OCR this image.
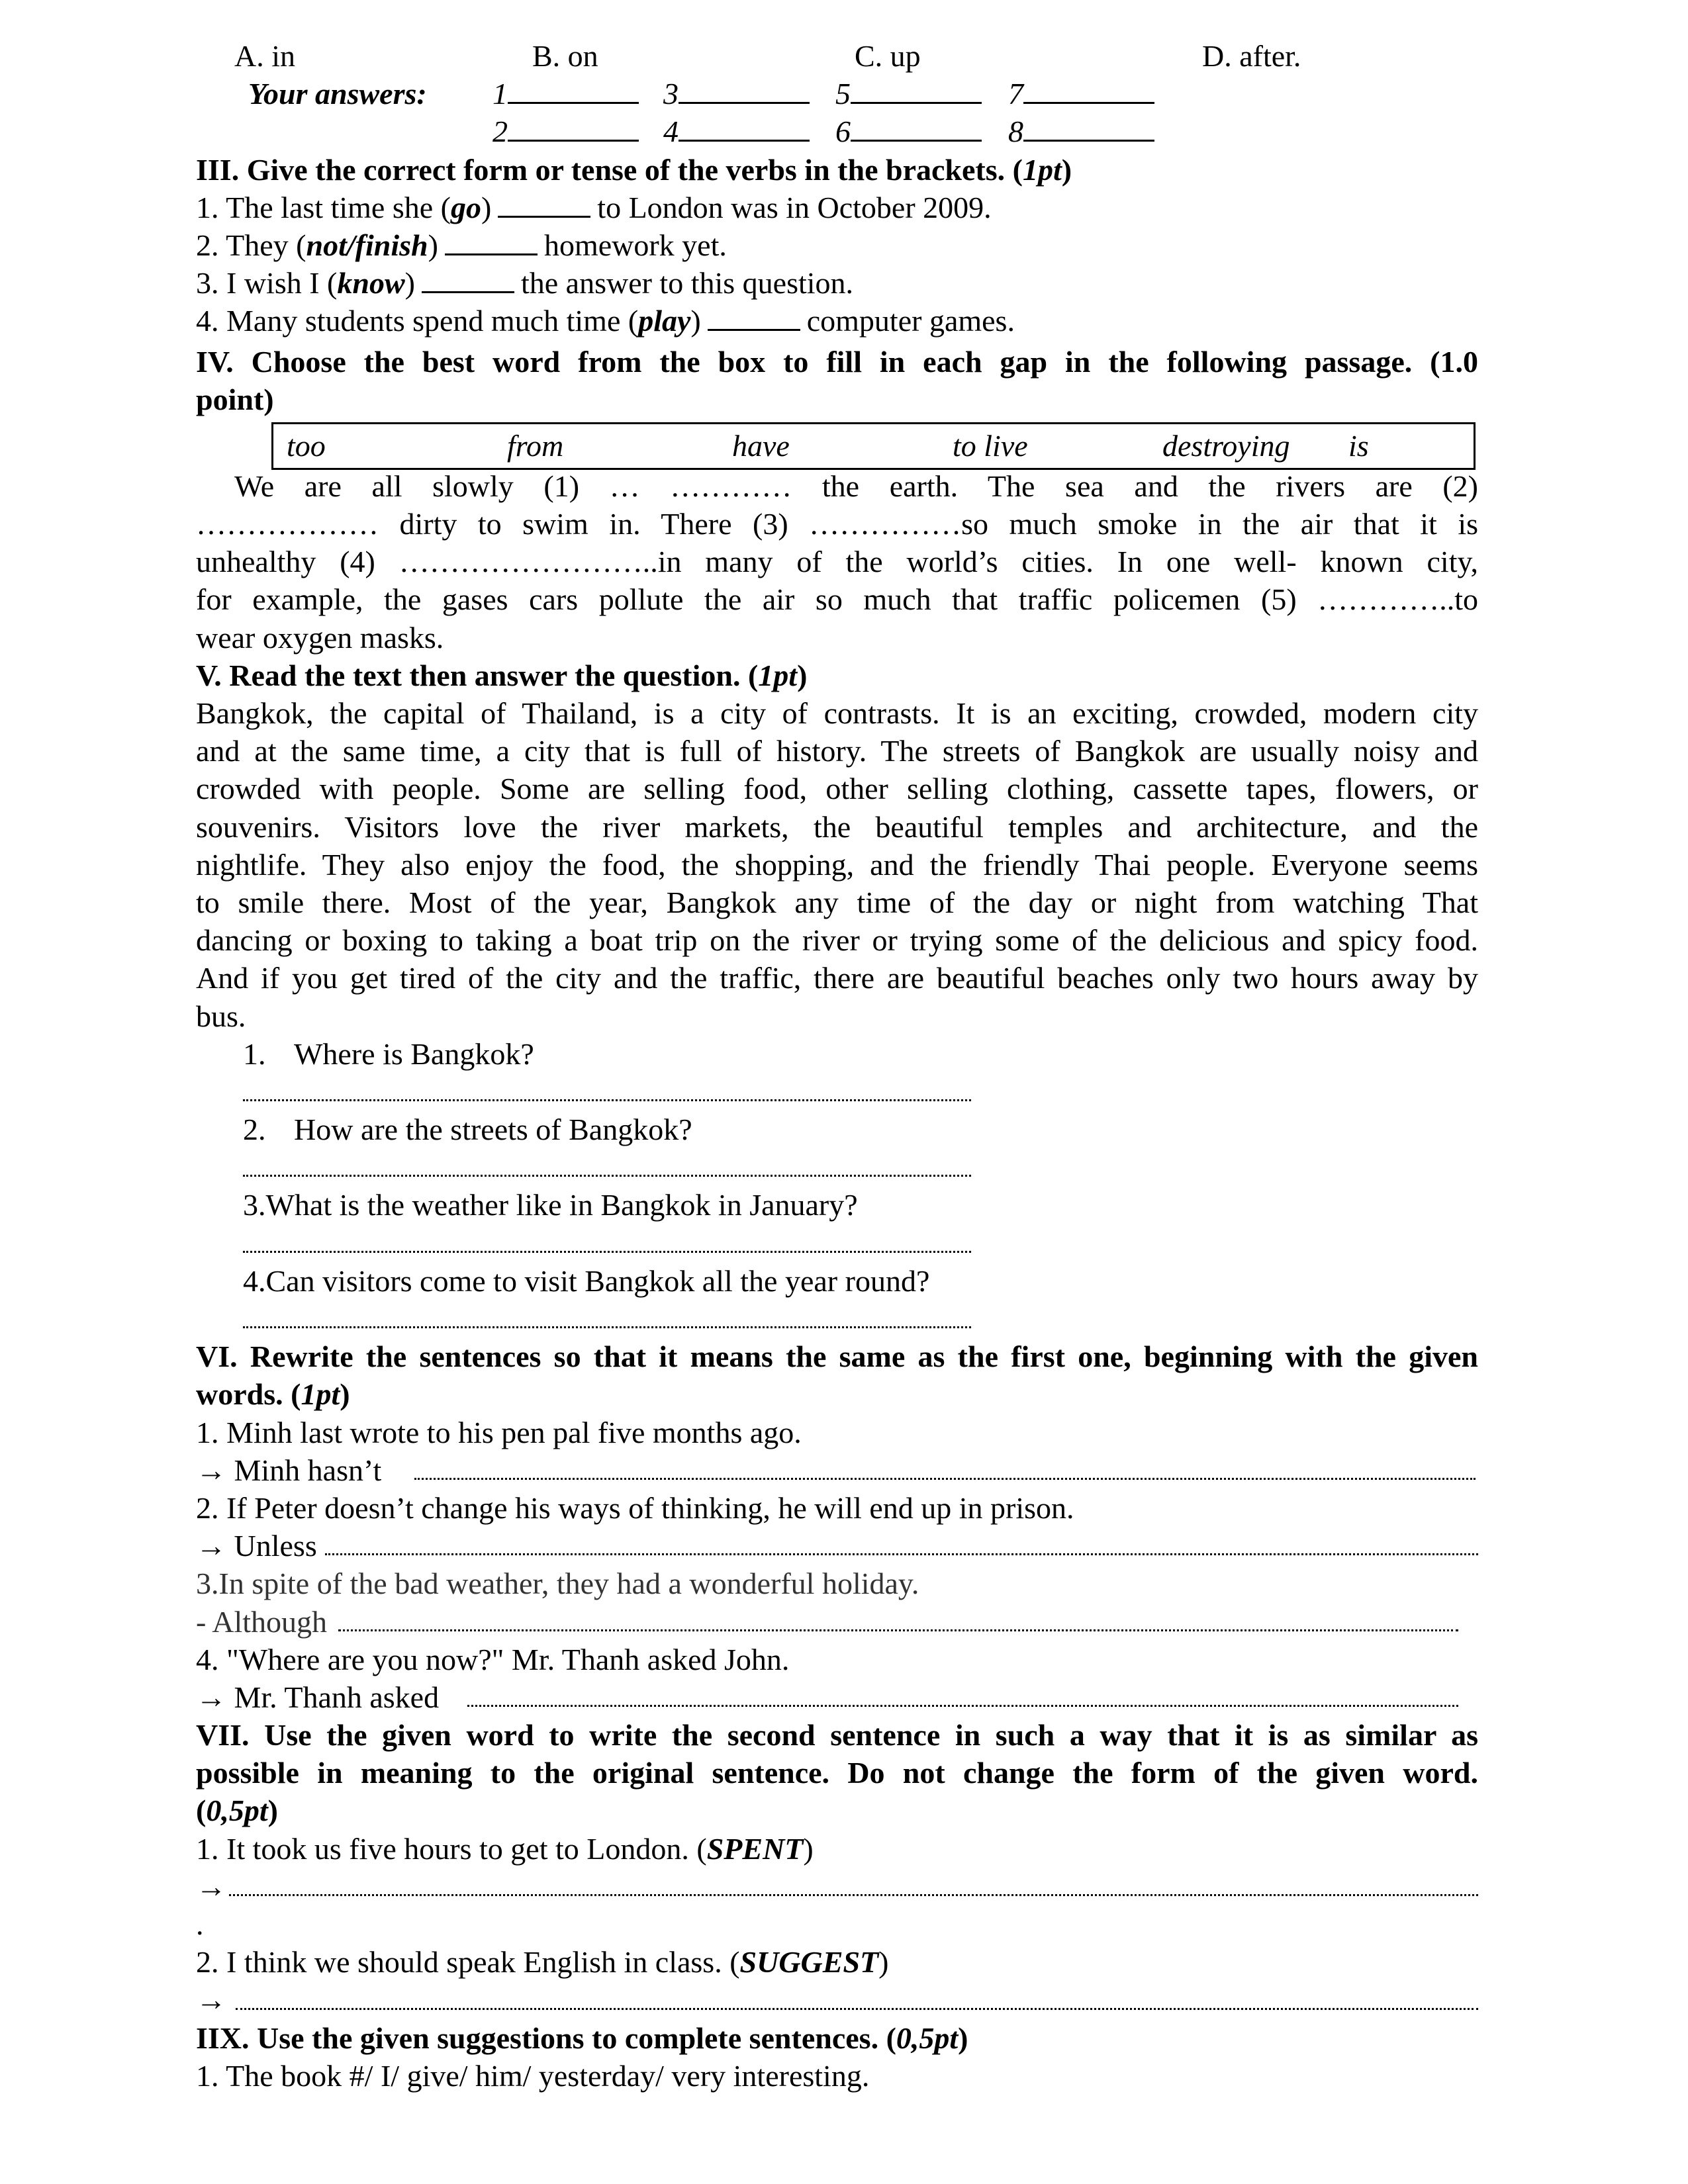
A. in	B. on	C. up	D. after.
Your answers: 1	3	5	7
2	4	6	8
III. Give the correct form or tense of the verbs in the brackets. (1pt)
1. The last time she (go)	to London was in October 2009.
2. They (not/finish)	homework yet.
3. I wish I (know)	the answer to this question.
4. Many students spend much time (play)	computer games.
IV. Choose the best word from the box to fill in each gap in the following passage. (1.0
point)
too	from	have	to live	destroying is
We are all slowly (1) … ………… the earth. The sea and the rivers are (2)
……………… dirty to swim in. There (3) ……………so much smoke in the air that it is
unhealthy (4) ……………………..in many of the world’s cities. In one well- known city,
for example, the gases cars pollute the air so much that traffic policemen (5) …………..to
wear oxygen masks.
V. Read the text then answer the question. (1pt)
Bangkok, the capital of Thailand, is a city of contrasts. It is an exciting, crowded, modern city
and at the same time, a city that is full of history. The streets of Bangkok are usually noisy and
crowded with people. Some are selling food, other selling clothing, cassette tapes, flowers, or
souvenirs. Visitors love the river markets, the beautiful temples and architecture, and the
nightlife. They also enjoy the food, the shopping, and the friendly Thai people. Everyone seems
to smile there. Most of the year, Bangkok any time of the day or night from watching That
dancing or boxing to taking a boat trip on the river or trying some of the delicious and spicy food.
And if you get tired of the city and the traffic, there are beautiful beaches only two hours away by
bus.
1. Where is Bangkok?
2. How are the streets of Bangkok?
3.What is the weather like in Bangkok in January?
4.Can visitors come to visit Bangkok all the year round?
VI. Rewrite the sentences so that it means the same as the first one, beginning with the given
words. (1pt)
1. Minh last wrote to his pen pal five months ago.
→ Minh hasn’t
2. If Peter doesn’t change his ways of thinking, he will end up in prison.
→ Unless
3.In spite of the bad weather, they had a wonderful holiday.
- Although
4. "Where are you now?" Mr. Thanh asked John.
→ Mr. Thanh asked
VII. Use the given word to write the second sentence in such a way that it is as similar as
possible in meaning to the original sentence. Do not change the form of the given word.
(0,5pt)
1. It took us five hours to get to London. (SPENT)
→
.
2. I think we should speak English in class. (SUGGEST)
→
IIX. Use the given suggestions to complete sentences. (0,5pt)
1. The book #/ I/ give/ him/ yesterday/ very interesting.
